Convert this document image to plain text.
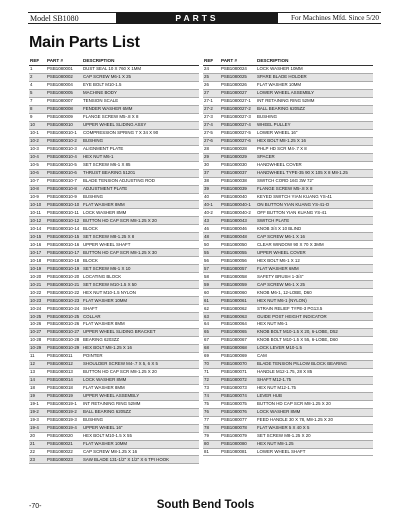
Model SB1080	PARTS	For Machines Mfd. Since 5/20
Main Parts List
REF	PART #	DESCRIPTION
1	PSB1080001	DUST SEAL 10 X 760 X 1MM
2	PSB1080002	CAP SCREW M6-1 X 25
4	PSB1080004	EYE BOLT M10-1.5
5	PSB1080005	MACHINE BODY
7	PSB1080007	TENSION SCALE
8	PSB1080008	FENDER WASHER 6MM
9	PSB1080009	FLANGE SCREW M5-.8 X 8
10	PSB1080010	UPPER WHEEL SLIDING ASSY
10-1	PSB1080010-1	COMPRESSION SPRING 7 X 34 X 90
10-2	PSB1080010-2	BUSHING
10-3	PSB1080010-3	ALIGNMENT PLATE
10-4	PSB1080010-4	HEX NUT M6-1
10-5	PSB1080010-5	SET SCREW M6-1 X 85
10-6	PSB1080010-6	THRUST BEARING 51201
10-7	PSB1080010-7	BLADE TENSION ADJUSTING ROD
10-8	PSB1080010-8	ADJUSTMENT PLATE
10-9	PSB1080010-9	BUSHING
10-10	PSB1080010-10 FLAT WASHER 8MM
10-11	PSB1080010-11 LOCK WASHER 8MM
10-12	PSB1080010-12 BUTTON HD CAP SCR M8-1.25 X 20
10-14	PSB1080010-14 BLOCK
10-15	PSB1080010-15 SET SCREW M8-1.25 X 8
10-16	PSB1080010-16 UPPER WHEEL SHAFT
10-17	PSB1080010-17 BUTTON HD CAP SCR M8-1.25 X 30
10-18	PSB1080010-18 BLOCK
10-19	PSB1080010-19 SET SCREW M6-1 X 10
10-20	PSB1080010-20 LOCATING BLOCK
10-21	PSB1080010-21 SET SCREW M10-1.5 X 50
10-22	PSB1080010-22 HEX NUT M10-1.5 NYLON
10-23	PSB1080010-23 FLAT WASHER 10MM
10-24	PSB1080010-24 SHAFT
10-25	PSB1080010-25 COLLAR
10-26	PSB1080010-26 FLAT WASHER 8MM
10-27	PSB1080010-27 UPPER WHEEL SLIDING BRACKET
10-28	PSB1080010-28 BEARING 6203ZZ
10-29	PSB1080010-29 HEX BOLT M8-1.25 X 16
11	PSB1080011	POINTER
12	PSB1080012	SHOULDER SCREW M4-.7 X 5, 6 X 5
13	PSB1080013	BUTTON HD CAP SCR M8-1.25 X 20
14	PSB1080014	LOCK WASHER 8MM
18	PSB1080018	FLAT WASHER 8MM
19	PSB1080019	UPPER WHEEL ASSEMBLY
19-1	PSB1080019-1	INT RETAINING RING 52MM
19-2	PSB1080019-2	BALL BEARING 6205ZZ
19-3	PSB1080019-3	BUSHING
19-4	PSB1080019-4	UPPER WHEEL 16"
20	PSB1080020	HEX BOLT M10-1.5 X 55
21	PSB1080021	FLAT WASHER 10MM
22	PSB1080022	CAP SCREW M8-1.25 X 16
23	PSB1080023	SAW BLADE 131-1/2" X 1/2" X 6 TPI HOOK
REF	PART #	DESCRIPTION
24	PSB1080024	LOCK WASHER 10MM
25	PSB1080025	SPARE BLADE HOLDER
26	PSB1080026	FLAT WASHER 10MM
27	PSB1080027	LOWER WHEEL ASSEMBLY
27-1	PSB1080027-1	INT RETAINING RING 52MM
27-2	PSB1080027-2	BALL BEARING 6205ZZ
27-3	PSB1080027-3	BUSHING
27-4	PSB1080027-4	WHEEL PULLEY
27-5	PSB1080027-5	LOWER WHEEL 16"
27-6	PSB1080027-6	HEX BOLT M8-1.25 X 16
28	PSB1080028	PHLP HD SCR M4-.7 X 8
29	PSB1080029	SPACER
30	PSB1080030	HANDWHEEL COVER
37	PSB1080037	HANDWHEEL TYPE-35 90 X 105 X 8 M8-1.25
38	PSB1080038	SWITCH CORD 16G 3W 72"
39	PSB1080039	FLANGE SCREW M5-.8 X 8
40	PSB1080040	KEYED SWITCH YIAN KUANG YS-41
40-1	PSB1080040-1	ON BUTTON YIAN KUANG YS-41-O
40-2	PSB1080040-2	OFF BUTTON YIAN KUANG YS-41
43	PSB1080043	SWITCH PLATE
46	PSB1080046	KNOB 3/4 X 10 BLIND
48	PSB1080048	CAP SCREW M6-1 X 16
50	PSB1080050	CLEAR WINDOW 90 X 70 X 3MM
55	PSB1080055	UPPER WHEEL COVER
56	PSB1080056	HEX BOLT M6-1 X 12
57	PSB1080057	FLAT WASHER 6MM
58	PSB1080058	SAFETY BRUSH 1-3/4"
59	PSB1080059	CAP SCREW M6-1 X 25
60	PSB1080060	KNOB M6-1, 12-LOBE, D60
61	PSB1080061	HEX NUT M6-1 (NYLON)
62	PSB1080062	STRAIN RELIEF TYPE-3 PG13.5
63	PSB1080063	GUIDE POST HEIGHT INDICATOR
64	PSB1080064	HEX NUT M6-1
65	PSB1080065	KNOB BOLT M10-1.5 X 20, 6-LOBE, D52
67	PSB1080067	KNOB BOLT M10-1.5 X 55, 6-LOBE, D60
68	PSB1080068	LOCK LEVER M10-1.5
69	PSB1080069	CAM
70	PSB1080070	BLADE TENSION PILLOW BLOCK BEARING
71	PSB1080071	HANDLE M12-1.75, 28 X 85
72	PSB1080072	SHAFT M12-1.75
73	PSB1080073	HEX NUT M12-1.75
74	PSB1080074	LEVER HUB
75	PSB1080075	BUTTON HD CAP SCR M8-1.25 X 20
76	PSB1080076	LOCK WASHER 8MM
77	PSB1080077	FEED HANDLE 30 X 78, M8-1.25 X 20
78	PSB1080078	FLAT WASHER 5 X 40 X 5
79	PSB1080079	SET SCREW M8-1.25 X 20
80	PSB1080080	HEX NUT M8-1.25
81	PSB1080081	LOWER WHEEL SHAFT
-70-	South Bend Tools
